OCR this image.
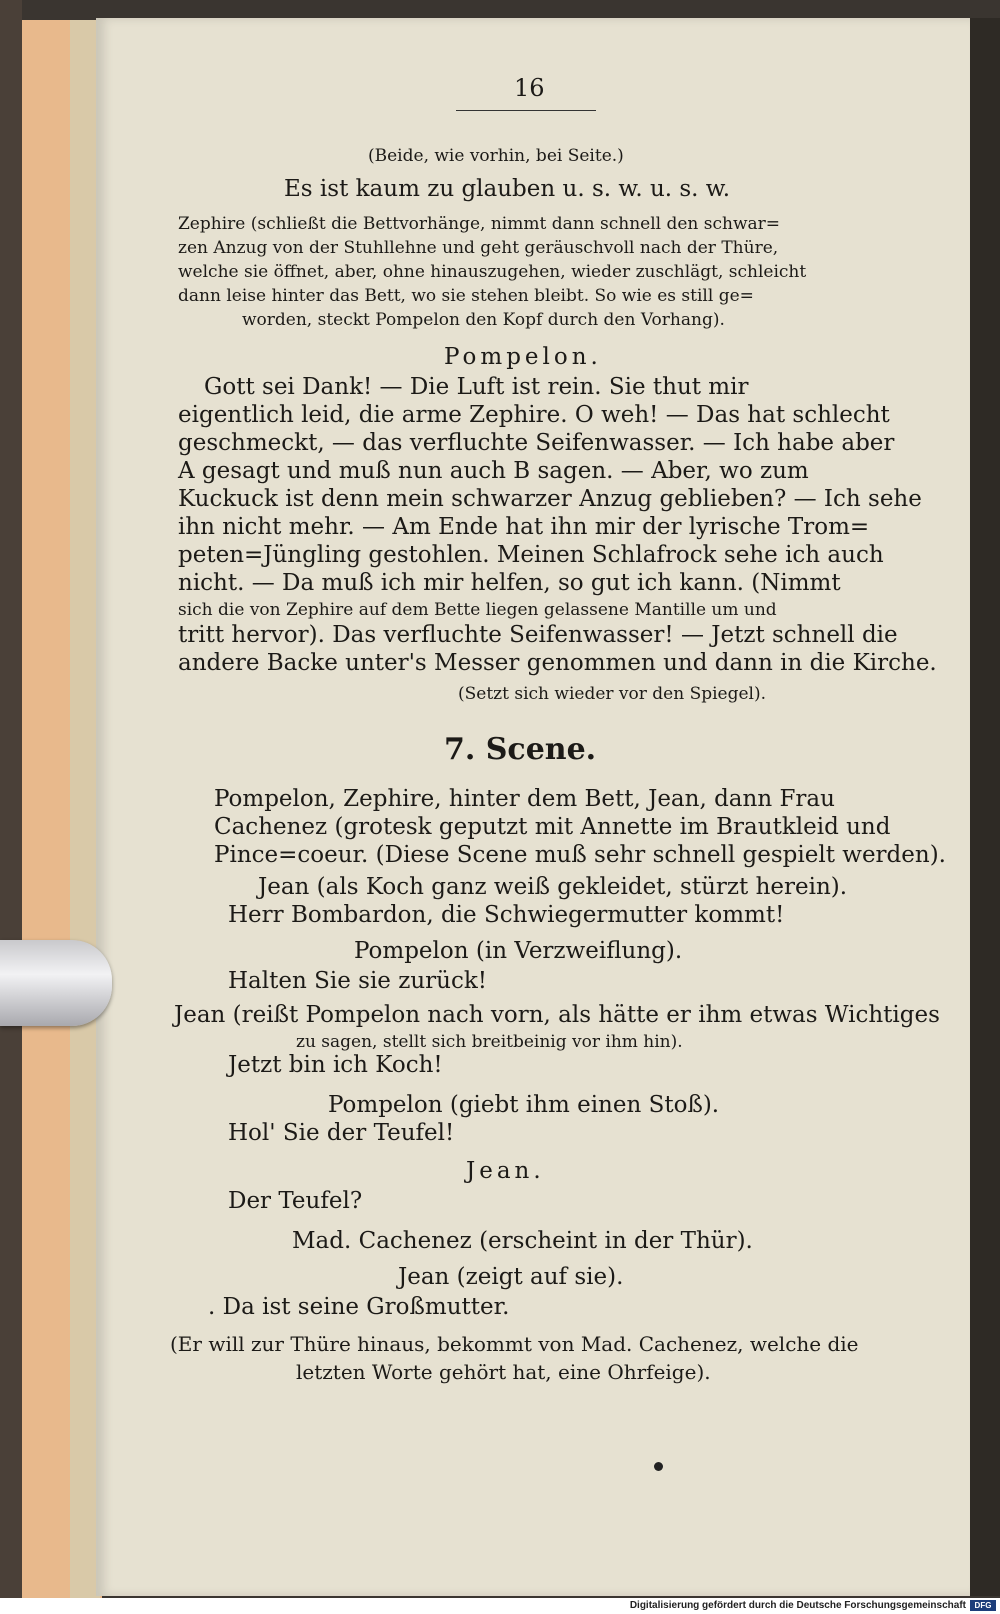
16
(Beide, wie vorhin, bei Seite.)
Es ist kaum zu glauben u. s. w. u. s. w.
Zephire (schließt die Bettvorhänge, nimmt dann schnell den schwar=
zen Anzug von der Stuhllehne und geht geräuschvoll nach der Thüre,
welche sie öffnet, aber, ohne hinauszugehen, wieder zuschlägt, schleicht
dann leise hinter das Bett, wo sie stehen bleibt. So wie es still ge=
worden, steckt Pompelon den Kopf durch den Vorhang).
Pompelon.
Gott sei Dank! — Die Luft ist rein. Sie thut mir
eigentlich leid, die arme Zephire. O weh! — Das hat schlecht
geschmeckt, — das verfluchte Seifenwasser. — Ich habe aber
A gesagt und muß nun auch B sagen. — Aber, wo zum
Kuckuck ist denn mein schwarzer Anzug geblieben? — Ich sehe
ihn nicht mehr. — Am Ende hat ihn mir der lyrische Trom=
peten=Jüngling gestohlen. Meinen Schlafrock sehe ich auch
nicht. — Da muß ich mir helfen, so gut ich kann. (Nimmt
sich die von Zephire auf dem Bette liegen gelassene Mantille um und
tritt hervor). Das verfluchte Seifenwasser! — Jetzt schnell die
andere Backe unter's Messer genommen und dann in die Kirche.
(Setzt sich wieder vor den Spiegel).
7. Scene.
Pompelon, Zephire, hinter dem Bett, Jean, dann Frau
Cachenez (grotesk geputzt mit Annette im Brautkleid und
Pince=coeur. (Diese Scene muß sehr schnell gespielt werden).
Jean (als Koch ganz weiß gekleidet, stürzt herein).
Herr Bombardon, die Schwiegermutter kommt!
Pompelon (in Verzweiflung).
Halten Sie sie zurück!
Jean (reißt Pompelon nach vorn, als hätte er ihm etwas Wichtiges
zu sagen, stellt sich breitbeinig vor ihm hin).
Jetzt bin ich Koch!
Pompelon (giebt ihm einen Stoß).
Hol' Sie der Teufel!
Jean.
Der Teufel?
Mad. Cachenez (erscheint in der Thür).
Jean (zeigt auf sie).
. Da ist seine Großmutter.
(Er will zur Thüre hinaus, bekommt von Mad. Cachenez, welche die
letzten Worte gehört hat, eine Ohrfeige).
Digitalisierung gefördert durch die Deutsche Forschungsgemeinschaft	DFG
